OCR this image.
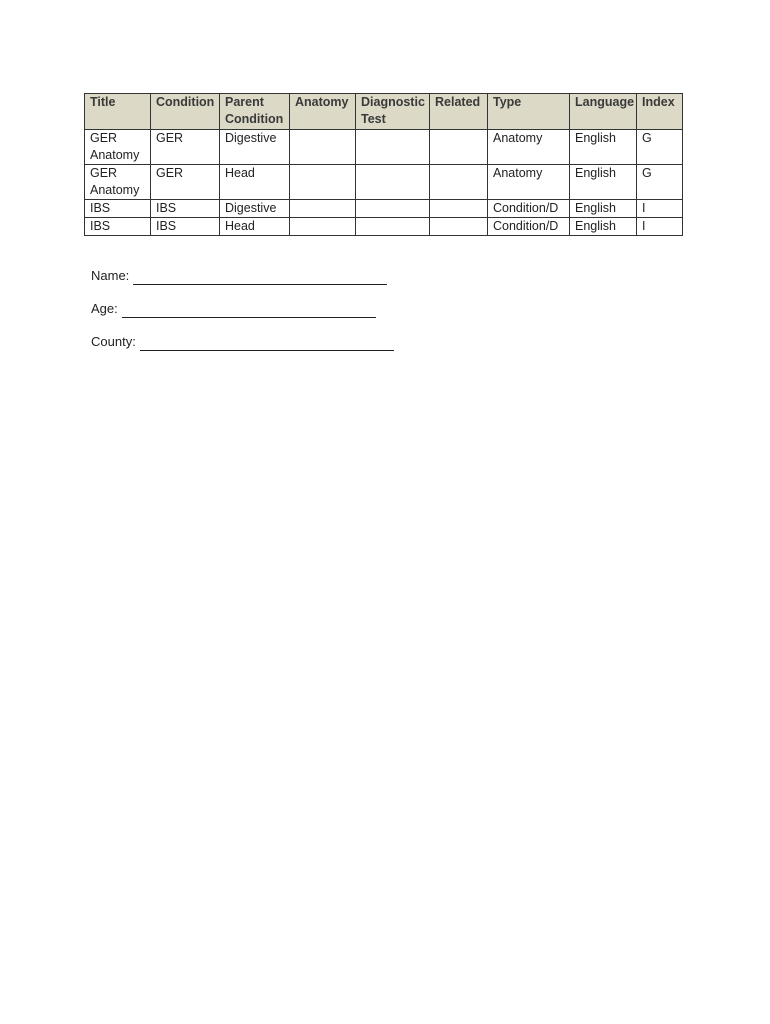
Title	Condition	Parent Condition	Anatomy	Diagnostic Test	Related	Type	Language	Index
GER Anatomy	GER	Digestive				Anatomy	English	G
GER Anatomy	GER	Head				Anatomy	English	G
IBS	IBS	Digestive				Condition/D	English	I
IBS	IBS	Head				Condition/D	English	I
Name:
Age:
County:
